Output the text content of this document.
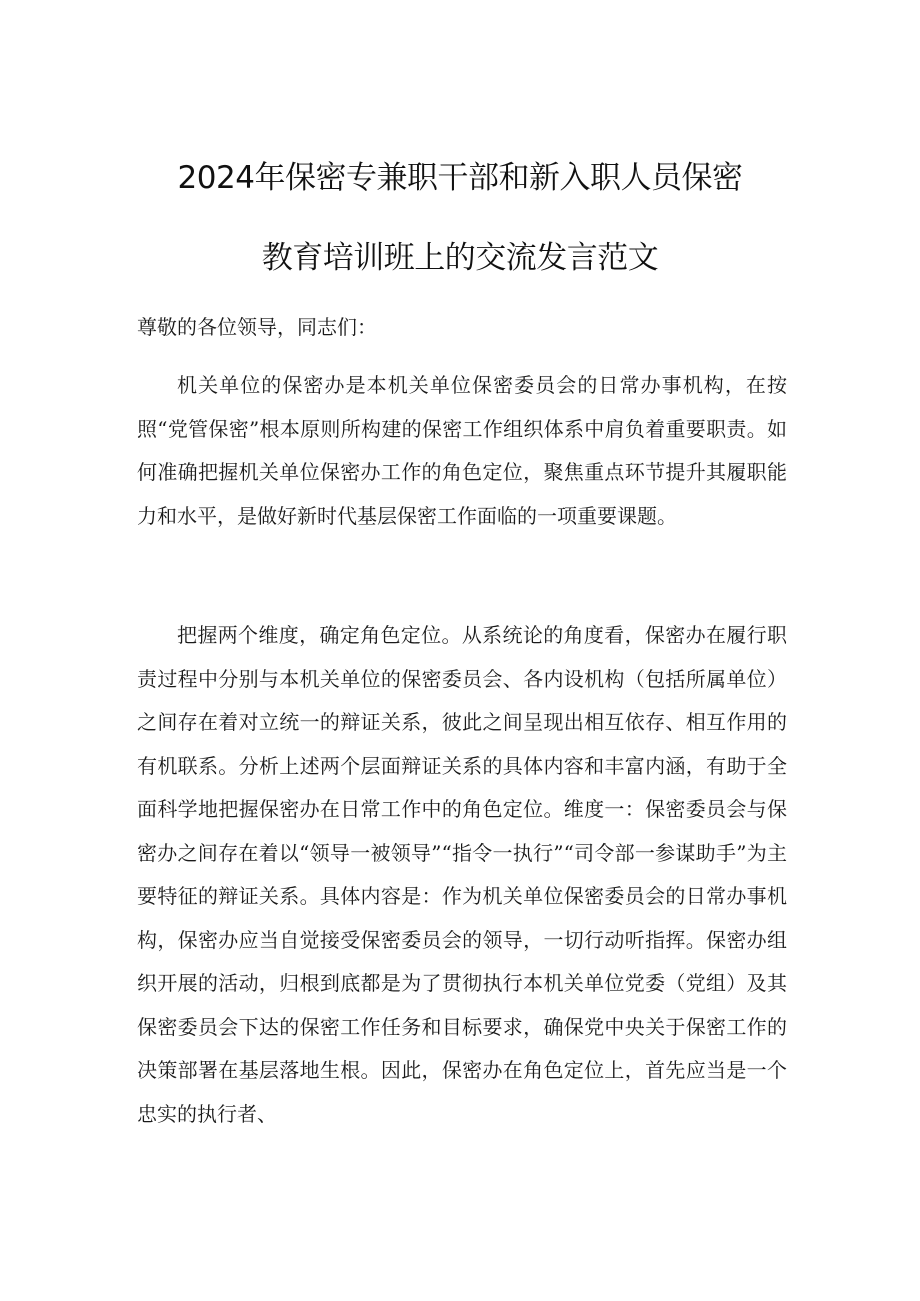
2024年保密专兼职干部和新入职人员保密
教育培训班上的交流发言范文

尊敬的各位领导，同志们：

机关单位的保密办是本机关单位保密委员会的日常办事机构，在按照“党管保密”根本原则所构建的保密工作组织体系中肩负着重要职责。如何准确把握机关单位保密办工作的角色定位，聚焦重点环节提升其履职能力和水平，是做好新时代基层保密工作面临的一项重要课题。

把握两个维度，确定角色定位。从系统论的角度看，保密办在履行职责过程中分别与本机关单位的保密委员会、各内设机构（包括所属单位）之间存在着对立统一的辩证关系，彼此之间呈现出相互依存、相互作用的有机联系。分析上述两个层面辩证关系的具体内容和丰富内涵，有助于全面科学地把握保密办在日常工作中的角色定位。维度一：保密委员会与保密办之间存在着以“领导一被领导”“指令一执行”“司令部一参谋助手”为主要特征的辩证关系。具体内容是：作为机关单位保密委员会的日常办事机构，保密办应当自觉接受保密委员会的领导，一切行动听指挥。保密办组织开展的活动，归根到底都是为了贯彻执行本机关单位党委（党组）及其保密委员会下达的保密工作任务和目标要求，确保党中央关于保密工作的决策部署在基层落地生根。因此，保密办在角色定位上，首先应当是一个忠实的执行者、
